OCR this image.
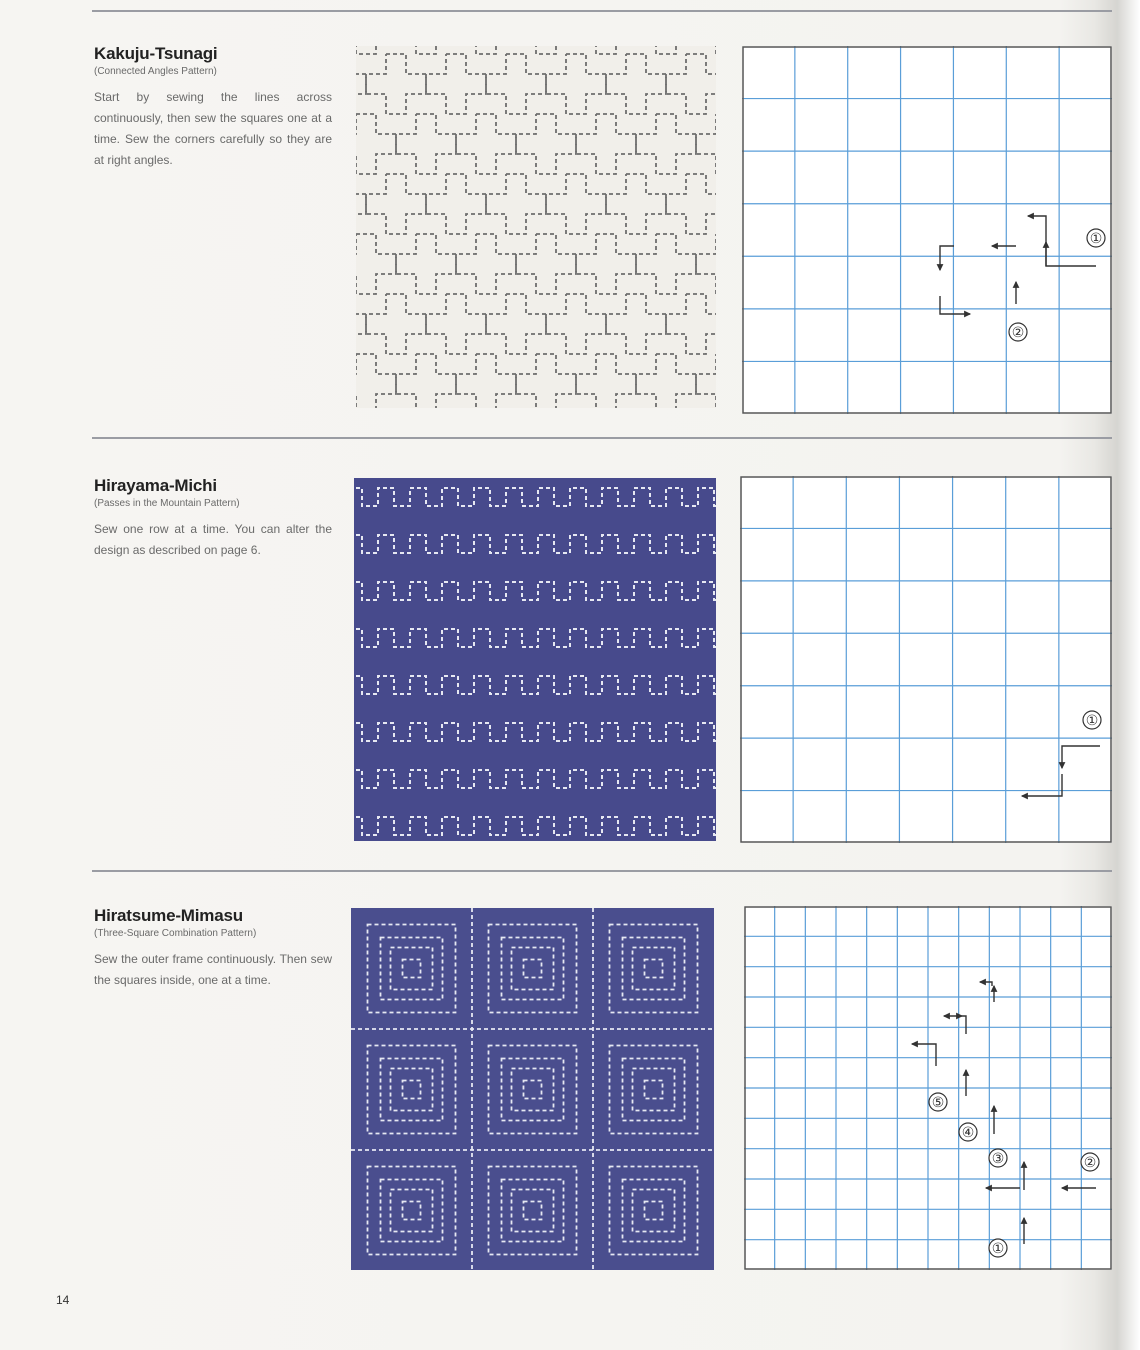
Kakuju-Tsunagi
(Connected Angles Pattern)

Start by sewing the lines across continuously, then sew the squares one at a time. Sew the corners carefully so they are at right angles.

①
②
Hirayama-Michi
(Passes in the Mountain Pattern)

Sew one row at a time. You can alter the design as described on page 6.

①
Hiratsume-Mimasu
(Three-Square Combination Pattern)

Sew the outer frame continuously. Then sew the squares inside, one at a time.

①
②
③
④
⑤
14
